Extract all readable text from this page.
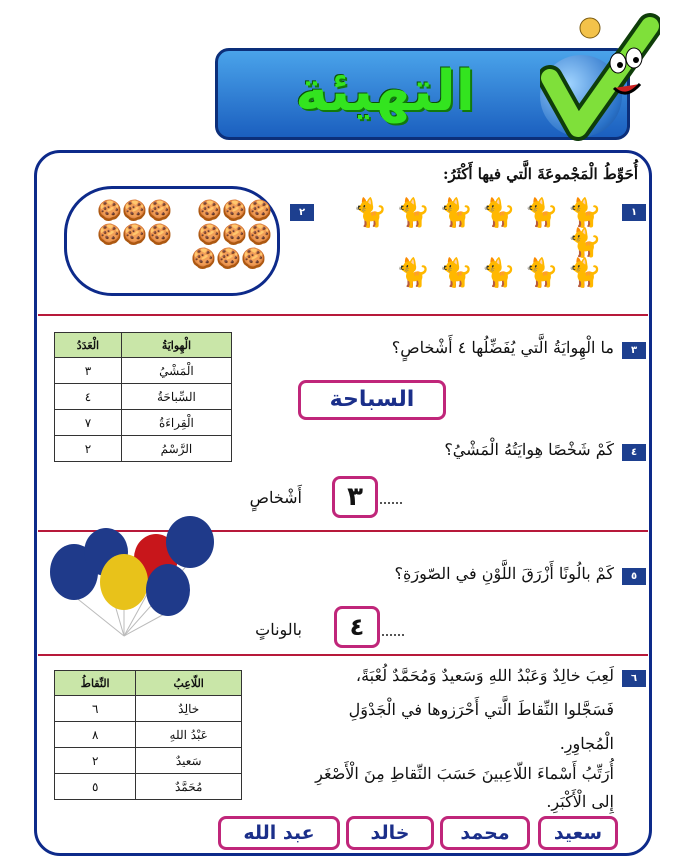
التهيئة
أُحَوِّطُ الْمَجْموعَةَ الَّتي فيها أَكْثَرُ:
١
🐈🐈🐈🐈🐈🐈🐈
🐈🐈🐈🐈🐈
٢
🍪🍪🍪    🍪🍪🍪
🍪🍪🍪    🍪🍪🍪
🍪🍪🍪
الْعَدَدُ	الْهِوايَةُ
٣	الْمَشْيُ
٤	السِّباحَةُ
٧	الْقِراءَةُ
٢	الرَّسْمُ
٣
ما الْهِوايَةُ الَّتي يُفَضِّلُها ٤ أَشْخاصٍ؟
السباحة
٤
كَمْ شَخْصًا هِوايَتُهُ الْمَشْيُ؟
أَشْخاصٍ	٣
٥
كَمْ بالُونًا أَزْرَقَ اللَّوْنِ في الصّورَةِ؟
بالوناتٍ	٤
النِّقاطُ	اللّاعِبُ
٦	خالِدٌ
٨	عَبْدُ اللهِ
٢	سَعيدٌ
٥	مُحَمَّدٌ
٦
لَعِبَ خالِدٌ وَعَبْدُ اللهِ وَسَعيدٌ وَمُحَمَّدٌ لُعْبَةً،
فَسَجَّلوا النِّقاطَ الَّتي أَحْرَزوها في الْجَدْوَلِ
الْمُجاوِرِ.
أُرَتِّبُ أَسْماءَ اللّاعِبينَ حَسَبَ النِّقاطِ مِنَ الْأَصْغَرِ
إِلى الْأَكْبَرِ.
سعيد
محمد
خالد
عبد الله
